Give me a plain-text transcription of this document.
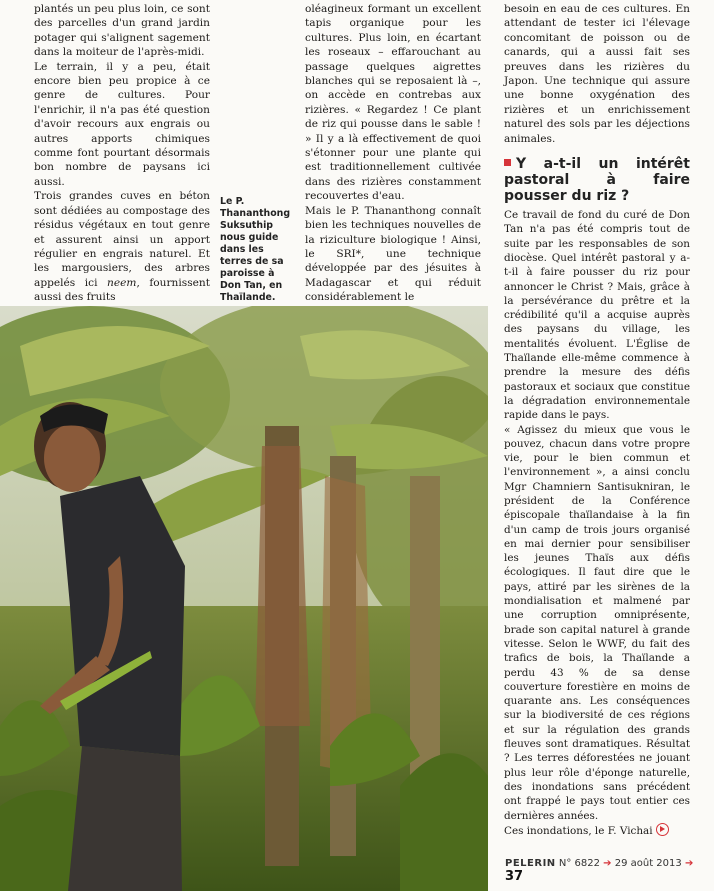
plantés un peu plus loin, ce sont des parcelles d'un grand jardin potager qui s'alignent sagement dans la moiteur de l'après-midi.

Le terrain, il y a peu, était encore bien peu propice à ce genre de cultures. Pour l'enrichir, il n'a pas été question d'avoir recours aux engrais ou autres apports chimiques comme font pourtant désormais bon nombre de paysans ici aussi.

Trois grandes cuves en béton sont dédiées au compostage des résidus végétaux en tout genre et assurent ainsi un apport régulier en engrais naturel. Et les margousiers, des arbres appelés ici neem, fournissent aussi des fruits

Le P. Thananthong Suksuthip nous guide dans les terres de sa paroisse à Don Tan, en Thaïlande.

oléagineux formant un excellent tapis organique pour les cultures. Plus loin, en écartant les roseaux – effarouchant au passage quelques aigrettes blanches qui se reposaient là –, on accède en contrebas aux rizières. « Regardez ! Ce plant de riz qui pousse dans le sable ! » Il y a là effectivement de quoi s'étonner pour une plante qui est traditionnellement cultivée dans des rizières constamment recouvertes d'eau.

Mais le P. Thananthong connaît bien les techniques nouvelles de la riziculture biologique ! Ainsi, le SRI*, une technique développée par des jésuites à Madagascar et qui réduit considérablement le

besoin en eau de ces cultures. En attendant de tester ici l'élevage concomitant de poisson ou de canards, qui a aussi fait ses preuves dans les rizières du Japon. Une technique qui assure une bonne oxygénation des rizières et un enrichissement naturel des sols par les déjections animales.

Y a-t-il un intérêt pastoral à faire pousser du riz ?

Ce travail de fond du curé de Don Tan n'a pas été compris tout de suite par les responsables de son diocèse. Quel intérêt pastoral y a-t-il à faire pousser du riz pour annoncer le Christ ? Mais, grâce à la persévérance du prêtre et la crédibilité qu'il a acquise auprès des paysans du village, les mentalités évoluent. L'Église de Thaïlande elle-même commence à prendre la mesure des défis pastoraux et sociaux que constitue la dégradation environnementale rapide dans le pays.

« Agissez du mieux que vous le pouvez, chacun dans votre propre vie, pour le bien commun et l'environnement », a ainsi conclu Mgr Chamniern Santisukniran, le président de la Conférence épiscopale thaïlandaise à la fin d'un camp de trois jours organisé en mai dernier pour sensibiliser les jeunes Thaïs aux défis écologiques. Il faut dire que le pays, attiré par les sirènes de la mondialisation et malmené par une corruption omniprésente, brade son capital naturel à grande vitesse. Selon le WWF, du fait des trafics de bois, la Thaïlande a perdu 43 % de sa dense couverture forestière en moins de quarante ans. Les conséquences sur la biodiversité de ces régions et sur la régulation des grands fleuves sont dramatiques. Résultat ? Les terres déforestées ne jouant plus leur rôle d'éponge naturelle, des inondations sans précédent ont frappé le pays tout entier ces dernières années.

Ces inondations, le F. Vichai

PELERIN N° 6822 ➔ 29 août 2013 ➔ 37
